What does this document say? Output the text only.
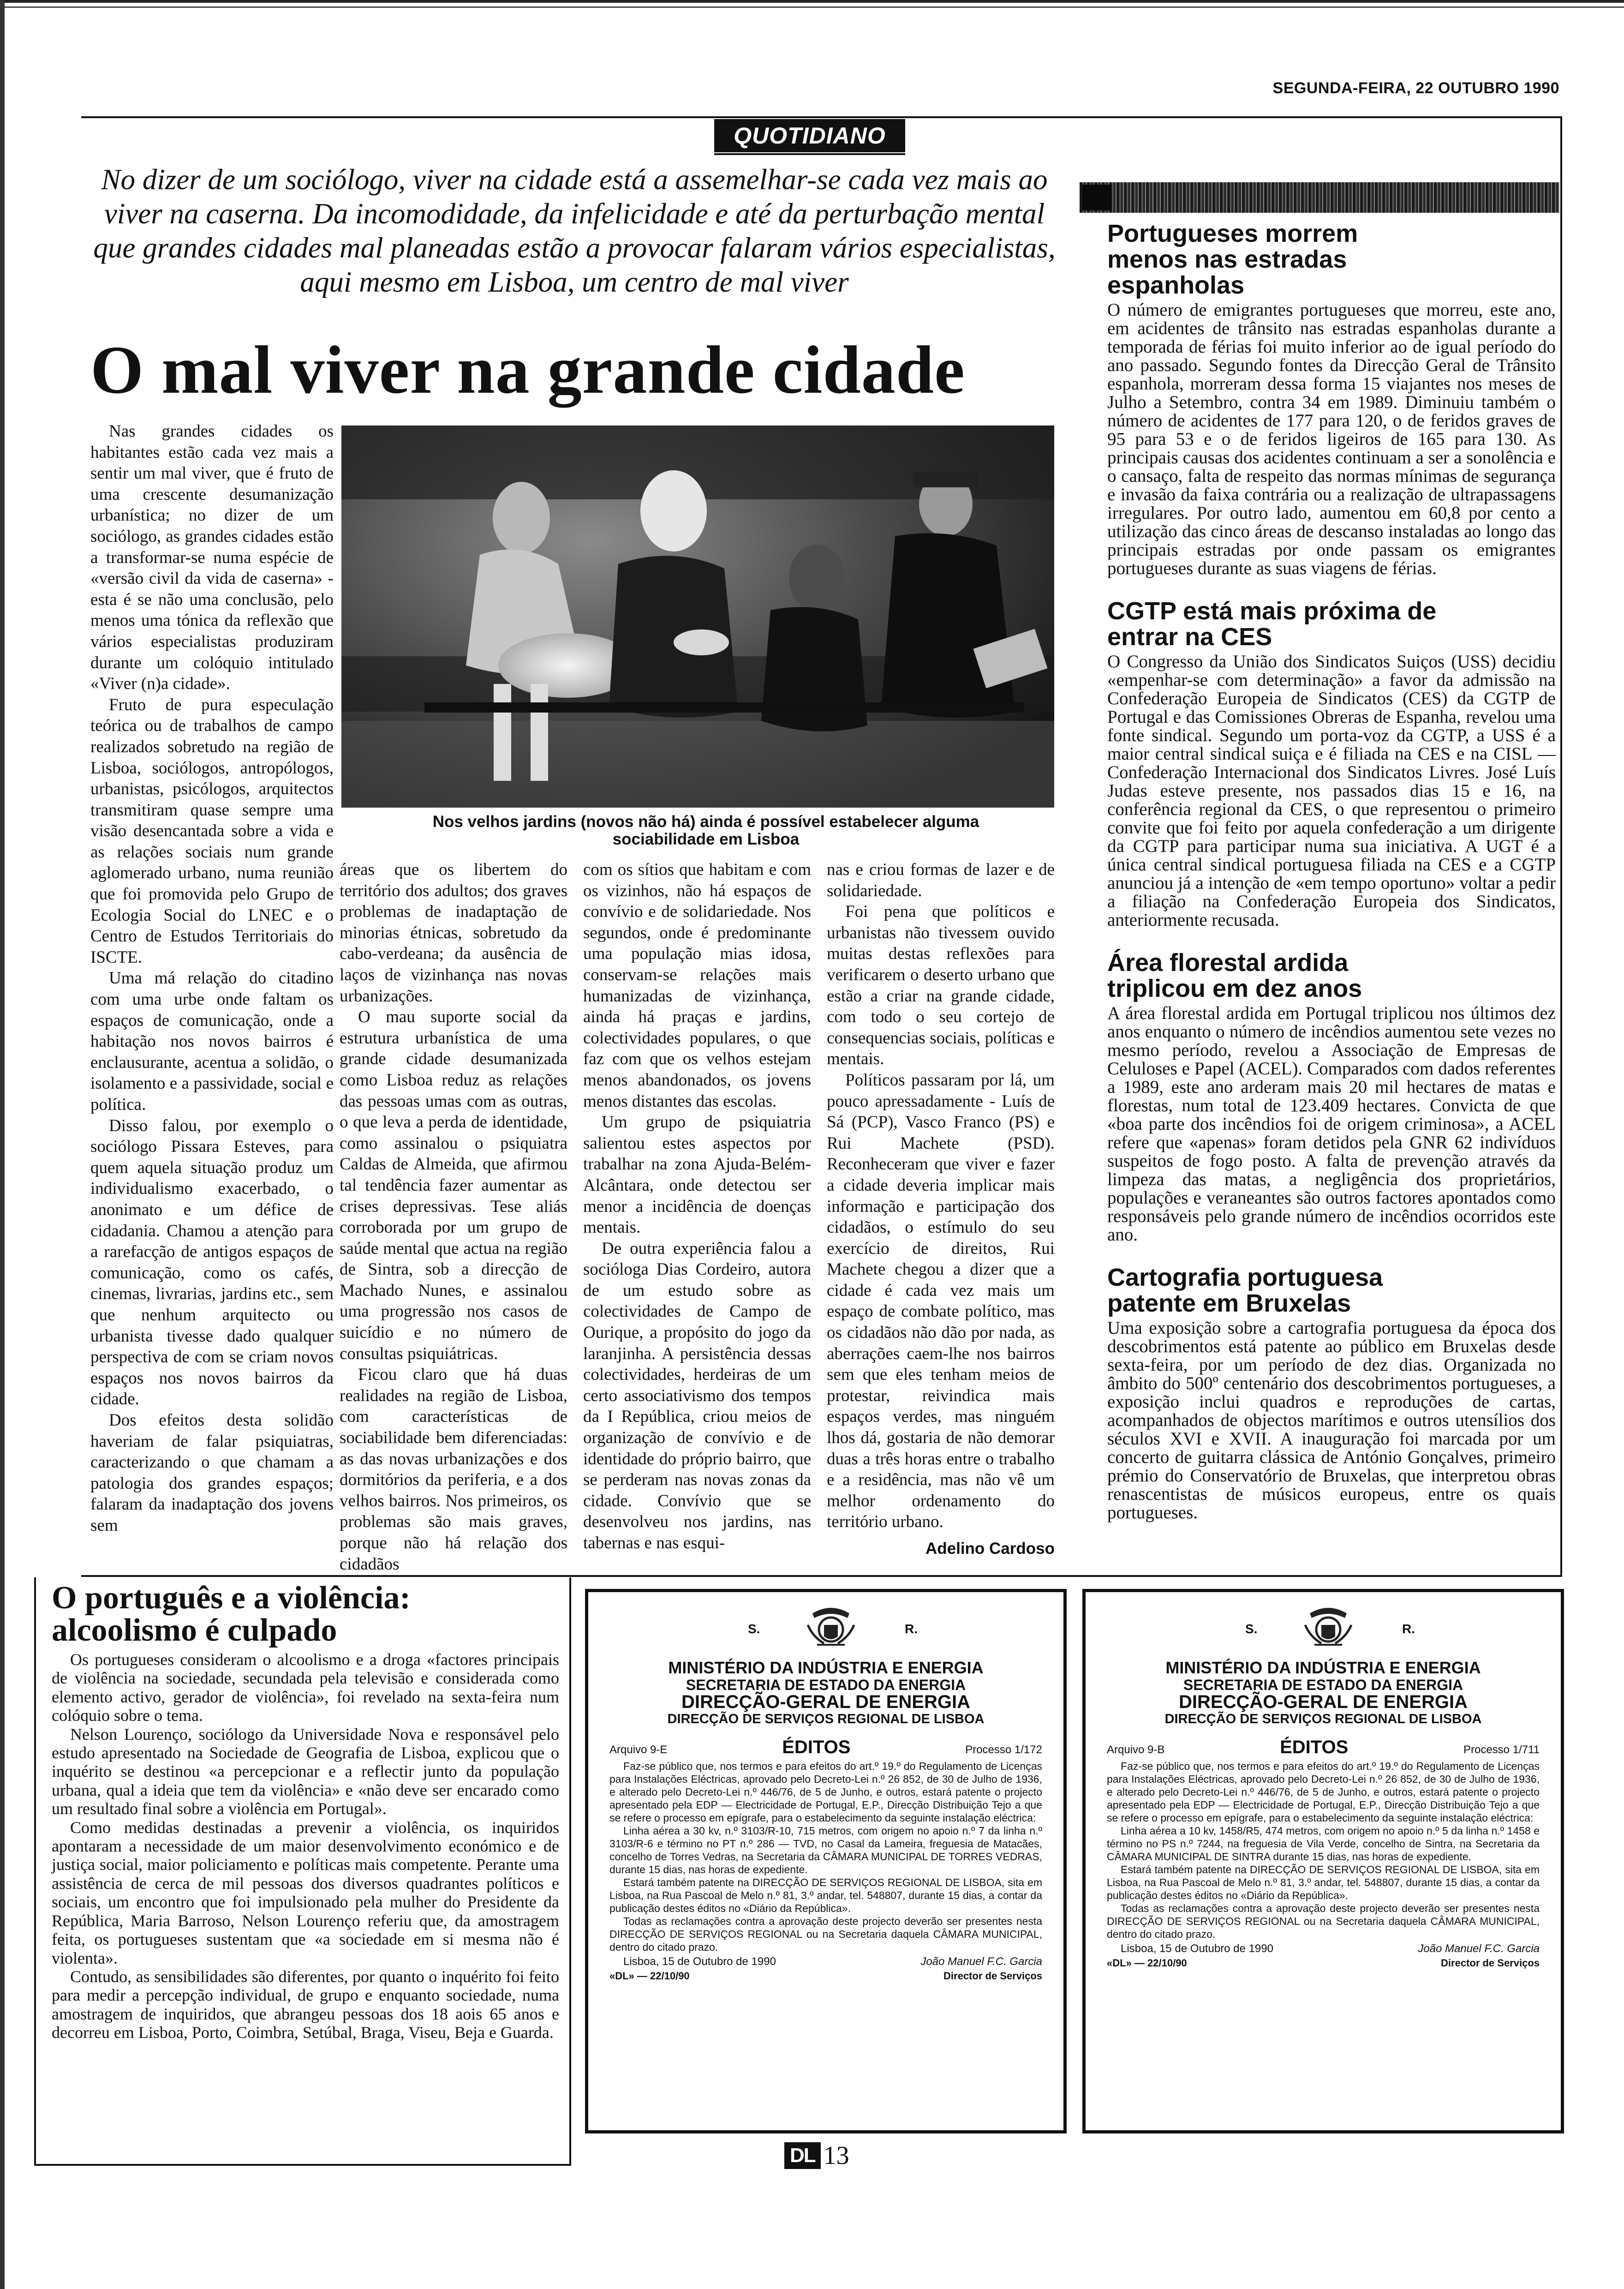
SEGUNDA-FEIRA, 22 OUTUBRO 1990
QUOTIDIANO
No dizer de um sociólogo, viver na cidade está a assemelhar-se cada vez mais ao viver na caserna. Da incomodidade, da infelicidade e até da perturbação mental que grandes cidades mal planeadas estão a provocar falaram vários especialistas, aqui mesmo em Lisboa, um centro de mal viver
O mal viver na grande cidade
Nos velhos jardins (novos não há) ainda é possível estabelecer alguma sociabilidade em Lisboa

Nas grandes cidades os habitantes estão cada vez mais a sentir um mal viver, que é fruto de uma crescente desumanização urbanística; no dizer de um sociólogo, as grandes cidades estão a transformar-se numa espécie de «versão civil da vida de caserna» - esta é se não uma conclusão, pelo menos uma tónica da reflexão que vários especialistas produziram durante um colóquio intitulado «Viver (n)a cidade».

Fruto de pura especulação teórica ou de trabalhos de campo realizados sobretudo na região de Lisboa, sociólogos, antropólogos, urbanistas, psicólogos, arquitectos transmitiram quase sempre uma visão desencantada sobre a vida e as relações sociais num grande aglomerado urbano, numa reunião que foi promovida pelo Grupo de Ecologia Social do LNEC e o Centro de Estudos Territoriais do ISCTE.

Uma má relação do citadino com uma urbe onde faltam os espaços de comunicação, onde a habitação nos novos bairros é enclausurante, acentua a solidão, o isolamento e a passividade, social e política.

Disso falou, por exemplo o sociólogo Pissara Esteves, para quem aquela situação produz um individualismo exacerbado, o anonimato e um défice de cidadania. Chamou a atenção para a rarefacção de antigos espaços de comunicação, como os cafés, cinemas, livrarias, jardins etc., sem que nenhum arquitecto ou urbanista tivesse dado qualquer perspectiva de com se criam novos espaços nos novos bairros da cidade.

Dos efeitos desta solidão haveriam de falar psiquiatras, caracterizando o que chamam a patologia dos grandes espaços; falaram da inadaptação dos jovens sem

áreas que os libertem do território dos adultos; dos graves problemas de inadaptação de minorias étnicas, sobretudo da cabo-verdeana; da ausência de laços de vizinhança nas novas urbanizações.

O mau suporte social da estrutura urbanística de uma grande cidade desumanizada como Lisboa reduz as relações das pessoas umas com as outras, o que leva a perda de identidade, como assinalou o psiquiatra Caldas de Almeida, que afirmou tal tendência fazer aumentar as crises depressivas. Tese aliás corroborada por um grupo de saúde mental que actua na região de Sintra, sob a direcção de Machado Nunes, e assinalou uma progressão nos casos de suicídio e no número de consultas psiquiátricas.

Ficou claro que há duas realidades na região de Lisboa, com características de sociabilidade bem diferenciadas: as das novas urbanizações e dos dormitórios da periferia, e a dos velhos bairros. Nos primeiros, os problemas são mais graves, porque não há relação dos cidadãos

com os sítios que habitam e com os vizinhos, não há espaços de convívio e de solidariedade. Nos segundos, onde é predominante uma população mias idosa, conservam-se relações mais humanizadas de vizinhança, ainda há praças e jardins, colectividades populares, o que faz com que os velhos estejam menos abandonados, os jovens menos distantes das escolas.

Um grupo de psiquiatria salientou estes aspectos por trabalhar na zona Ajuda-Belém-Alcântara, onde detectou ser menor a incidência de doenças mentais.

De outra experiência falou a socióloga Dias Cordeiro, autora de um estudo sobre as colectividades de Campo de Ourique, a propósito do jogo da laranjinha. A persistência dessas colectividades, herdeiras de um certo associativismo dos tempos da I República, criou meios de organização de convívio e de identidade do próprio bairro, que se perderam nas novas zonas da cidade. Convívio que se desenvolveu nos jardins, nas tabernas e nas esqui-

nas e criou formas de lazer e de solidariedade.

Foi pena que políticos e urbanistas não tivessem ouvido muitas destas reflexões para verificarem o deserto urbano que estão a criar na grande cidade, com todo o seu cortejo de consequencias sociais, políticas e mentais.

Políticos passaram por lá, um pouco apressadamente - Luís de Sá (PCP), Vasco Franco (PS) e Rui Machete (PSD). Reconheceram que viver e fazer a cidade deveria implicar mais informação e participação dos cidadãos, o estímulo do seu exercício de direitos, Rui Machete chegou a dizer que a cidade é cada vez mais um espaço de combate político, mas os cidadãos não dão por nada, as aberrações caem-lhe nos bairros sem que eles tenham meios de protestar, reivindica mais espaços verdes, mas ninguém lhos dá, gostaria de não demorar duas a três horas entre o trabalho e a residência, mas não vê um melhor ordenamento do território urbano.

Adelino Cardoso
Portugueses morrem menos nas estradas espanholas

O número de emigrantes portugueses que morreu, este ano, em acidentes de trânsito nas estradas espanholas durante a temporada de férias foi muito inferior ao de igual período do ano passado. Segundo fontes da Direcção Geral de Trânsito espanhola, morreram dessa forma 15 viajantes nos meses de Julho a Setembro, contra 34 em 1989. Diminuiu também o número de acidentes de 177 para 120, o de feridos graves de 95 para 53 e o de feridos ligeiros de 165 para 130. As principais causas dos acidentes continuam a ser a sonolência e o cansaço, falta de respeito das normas mínimas de segurança e invasão da faixa contrária ou a realização de ultrapassagens irregulares. Por outro lado, aumentou em 60,8 por cento a utilização das cinco áreas de descanso instaladas ao longo das principais estradas por onde passam os emigrantes portugueses durante as suas viagens de férias.

CGTP está mais próxima de entrar na CES

O Congresso da União dos Sindicatos Suiços (USS) decidiu «empenhar-se com determinação» a favor da admissão na Confederação Europeia de Sindicatos (CES) da CGTP de Portugal e das Comissiones Obreras de Espanha, revelou uma fonte sindical. Segundo um porta-voz da CGTP, a USS é a maior central sindical suiça e é filiada na CES e na CISL — Confederação Internacional dos Sindicatos Livres. José Luís Judas esteve presente, nos passados dias 15 e 16, na conferência regional da CES, o que representou o primeiro convite que foi feito por aquela confederação a um dirigente da CGTP para participar numa sua iniciativa. A UGT é a única central sindical portuguesa filiada na CES e a CGTP anunciou já a intenção de «em tempo oportuno» voltar a pedir a filiação na Confederação Europeia dos Sindicatos, anteriormente recusada.

Área florestal ardida triplicou em dez anos

A área florestal ardida em Portugal triplicou nos últimos dez anos enquanto o número de incêndios aumentou sete vezes no mesmo período, revelou a Associação de Empresas de Celuloses e Papel (ACEL). Comparados com dados referentes a 1989, este ano arderam mais 20 mil hectares de matas e florestas, num total de 123.409 hectares. Convicta de que «boa parte dos incêndios foi de origem criminosa», a ACEL refere que «apenas» foram detidos pela GNR 62 indivíduos suspeitos de fogo posto. A falta de prevenção através da limpeza das matas, a negligência dos proprietários, populações e veraneantes são outros factores apontados como responsáveis pelo grande número de incêndios ocorridos este ano.

Cartografia portuguesa patente em Bruxelas

Uma exposição sobre a cartografia portuguesa da época dos descobrimentos está patente ao público em Bruxelas desde sexta-feira, por um período de dez dias. Organizada no âmbito do 500º centenário dos descobrimentos portugueses, a exposição inclui quadros e reproduções de cartas, acompanhados de objectos marítimos e outros utensílios dos séculos XVI e XVII. A inauguração foi marcada por um concerto de guitarra clássica de António Gonçalves, primeiro prémio do Conservatório de Bruxelas, que interpretou obras renascentistas de músicos europeus, entre os quais portugueses.

O português e a violência: alcoolismo é culpado

Os portugueses consideram o alcoolismo e a droga «factores principais de violência na sociedade, secundada pela televisão e considerada como elemento activo, gerador de violência», foi revelado na sexta-feira num colóquio sobre o tema.

Nelson Lourenço, sociólogo da Universidade Nova e responsável pelo estudo apresentado na Sociedade de Geografia de Lisboa, explicou que o inquérito se destinou «a percepcionar e a reflectir junto da população urbana, qual a ideia que tem da violência» e «não deve ser encarado como um resultado final sobre a violência em Portugal».

Como medidas destinadas a prevenir a violência, os inquiridos apontaram a necessidade de um maior desenvolvimento económico e de justiça social, maior policiamento e políticas mais competente. Perante uma assistência de cerca de mil pessoas dos diversos quadrantes políticos e sociais, um encontro que foi impulsionado pela mulher do Presidente da República, Maria Barroso, Nelson Lourenço referiu que, da amostragem feita, os portugueses sustentam que «a sociedade em si mesma não é violenta».

Contudo, as sensibilidades são diferentes, por quanto o inquérito foi feito para medir a percepção individual, de grupo e enquanto sociedade, numa amostragem de inquiridos, que abrangeu pessoas dos 18 aois 65 anos e decorreu em Lisboa, Porto, Coimbra, Setúbal, Braga, Viseu, Beja e Guarda.

S.	R.
MINISTÉRIO DA INDÚSTRIA E ENERGIA
SECRETARIA DE ESTADO DA ENERGIA
DIRECÇÃO-GERAL DE ENERGIA
DIRECÇÃO DE SERVIÇOS REGIONAL DE LISBOA
Arquivo 9-E	ÉDITOS	Processo 1/172

Faz-se público que, nos termos e para efeitos do art.º 19.º do Regulamento de Licenças para Instalações Eléctricas, aprovado pelo Decreto-Lei n.º 26 852, de 30 de Julho de 1936, e alterado pelo Decreto-Lei n.º 446/76, de 5 de Junho, e outros, estará patente o projecto apresentado pela EDP — Electricidade de Portugal, E.P., Direcção Distribuição Tejo a que se refere o processo em epígrafe, para o estabelecimento da seguinte instalação eléctrica:

Linha aérea a 30 kv, n.º 3103/R-10, 715 metros, com origem no apoio n.º 7 da linha n.º 3103/R-6 e término no PT n.º 286 — TVD, no Casal da Lameira, freguesia de Matacães, concelho de Torres Vedras, na Secretaria da CÂMARA MUNICIPAL DE TORRES VEDRAS, durante 15 dias, nas horas de expediente.

Estará também patente na DIRECÇÃO DE SERVIÇOS REGIONAL DE LISBOA, sita em Lisboa, na Rua Pascoal de Melo n.º 81, 3.º andar, tel. 548807, durante 15 dias, a contar da publicação destes éditos no «Diário da República».

Todas as reclamações contra a aprovação deste projecto deverão ser presentes nesta DIRECÇÃO DE SERVIÇOS REGIONAL ou na Secretaria daquela CÂMARA MUNICIPAL, dentro do citado prazo.

Lisboa, 15 de Outubro de 1990	João Manuel F.C. Garcia
«DL» — 22/10/90	Director de Serviços
S.	R.
MINISTÉRIO DA INDÚSTRIA E ENERGIA
SECRETARIA DE ESTADO DA ENERGIA
DIRECÇÃO-GERAL DE ENERGIA
DIRECÇÃO DE SERVIÇOS REGIONAL DE LISBOA
Arquivo 9-B	ÉDITOS	Processo 1/711

Faz-se público que, nos termos e para efeitos do art.º 19.º do Regulamento de Licenças para Instalações Eléctricas, aprovado pelo Decreto-Lei n.º 26 852, de 30 de Julho de 1936, e alterado pelo Decreto-Lei n.º 446/76, de 5 de Junho, e outros, estará patente o projecto apresentado pela EDP — Electricidade de Portugal, E.P., Direcção Distribuição Tejo a que se refere o processo em epígrafe, para o estabelecimento da seguinte instalação eléctrica:

Linha aérea a 10 kv, 1458/R5, 474 metros, com origem no apoio n.º 5 da linha n.º 1458 e término no PS n.º 7244, na freguesia de Vila Verde, concelho de Sintra, na Secretaria da CÂMARA MUNICIPAL DE SINTRA durante 15 dias, nas horas de expediente.

Estará também patente na DIRECÇÃO DE SERVIÇOS REGIONAL DE LISBOA, sita em Lisboa, na Rua Pascoal de Melo n.º 81, 3.º andar, tel. 548807, durante 15 dias, a contar da publicação destes éditos no «Diário da República».

Todas as reclamações contra a aprovação deste projecto deverão ser presentes nesta DIRECÇÃO DE SERVIÇOS REGIONAL ou na Secretaria daquela CÂMARA MUNICIPAL, dentro do citado prazo.

Lisboa, 15 de Outubro de 1990	João Manuel F.C. Garcia
«DL» — 22/10/90	Director de Serviços
DL 13
